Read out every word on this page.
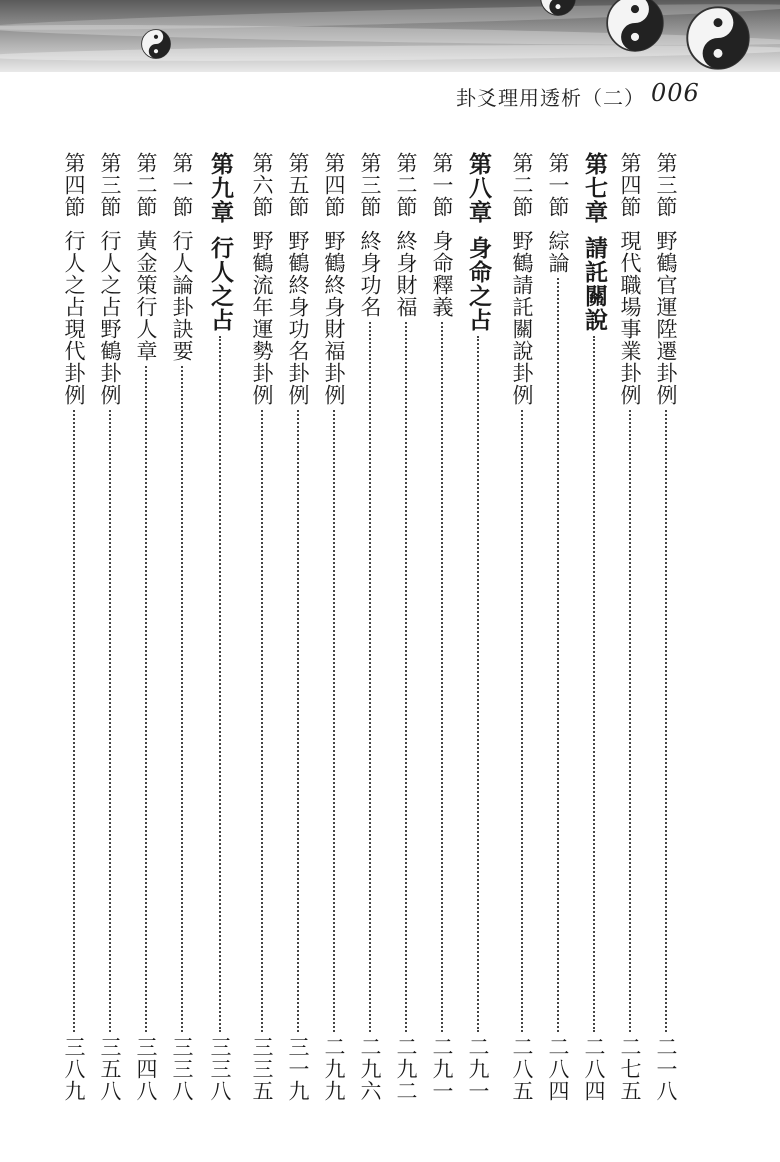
卦爻理用透析（二） 006
第三節
野鶴官運陞遷卦例
二一八
第四節
現代職場事業卦例
二七五
第七章
請託關說
二八四
第一節
綜論
二八四
第二節
野鶴請託關說卦例
二八五
第八章
身命之占
二九一
第一節
身命釋義
二九一
第二節
終身財福
二九二
第三節
終身功名
二九六
第四節
野鶴終身財福卦例
二九九
第五節
野鶴終身功名卦例
三一九
第六節
野鶴流年運勢卦例
三三五
第九章
行人之占
三三八
第一節
行人論卦訣要
三三八
第二節
黃金策行人章
三四八
第三節
行人之占野鶴卦例
三五八
第四節
行人之占現代卦例
三八九
